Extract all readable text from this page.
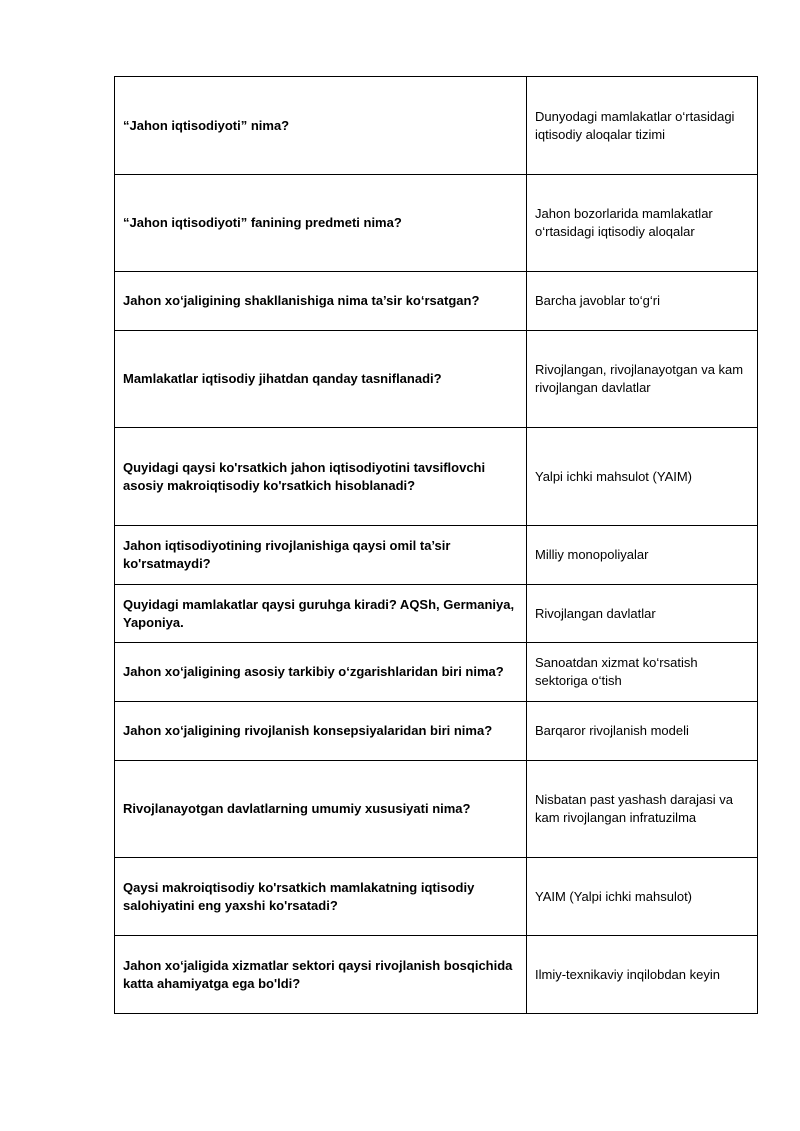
“Jahon iqtisodiyoti” nima?	Dunyodagi mamlakatlar o‘rtasidagi iqtisodiy aloqalar tizimi
“Jahon iqtisodiyoti” fanining predmeti nima?	Jahon bozorlarida mamlakatlar o‘rtasidagi iqtisodiy aloqalar
Jahon xo‘jaligining shakllanishiga nima ta’sir ko‘rsatgan?	Barcha javoblar to‘g‘ri
Mamlakatlar iqtisodiy jihatdan qanday tasniflanadi?	Rivojlangan, rivojlanayotgan va kam rivojlangan davlatlar
Quyidagi qaysi ko'rsatkich jahon iqtisodiyotini tavsiflovchi asosiy makroiqtisodiy ko'rsatkich hisoblanadi?	Yalpi ichki mahsulot (YAIM)
Jahon iqtisodiyotining rivojlanishiga qaysi omil ta’sir ko'rsatmaydi?	Milliy monopoliyalar
Quyidagi mamlakatlar qaysi guruhga kiradi? AQSh, Germaniya, Yaponiya.	Rivojlangan davlatlar
Jahon xo‘jaligining asosiy tarkibiy o‘zgarishlaridan biri nima?	Sanoatdan xizmat ko‘rsatish sektoriga o‘tish
Jahon xo‘jaligining rivojlanish konsepsiyalaridan biri nima?	Barqaror rivojlanish modeli
Rivojlanayotgan davlatlarning umumiy xususiyati nima?	Nisbatan past yashash darajasi va kam rivojlangan infratuzilma
Qaysi makroiqtisodiy ko'rsatkich mamlakatning iqtisodiy salohiyatini eng yaxshi ko'rsatadi?	YAIM (Yalpi ichki mahsulot)
Jahon xo‘jaligida xizmatlar sektori qaysi rivojlanish bosqichida katta ahamiyatga ega bo'ldi?	Ilmiy-texnikaviy inqilobdan keyin
